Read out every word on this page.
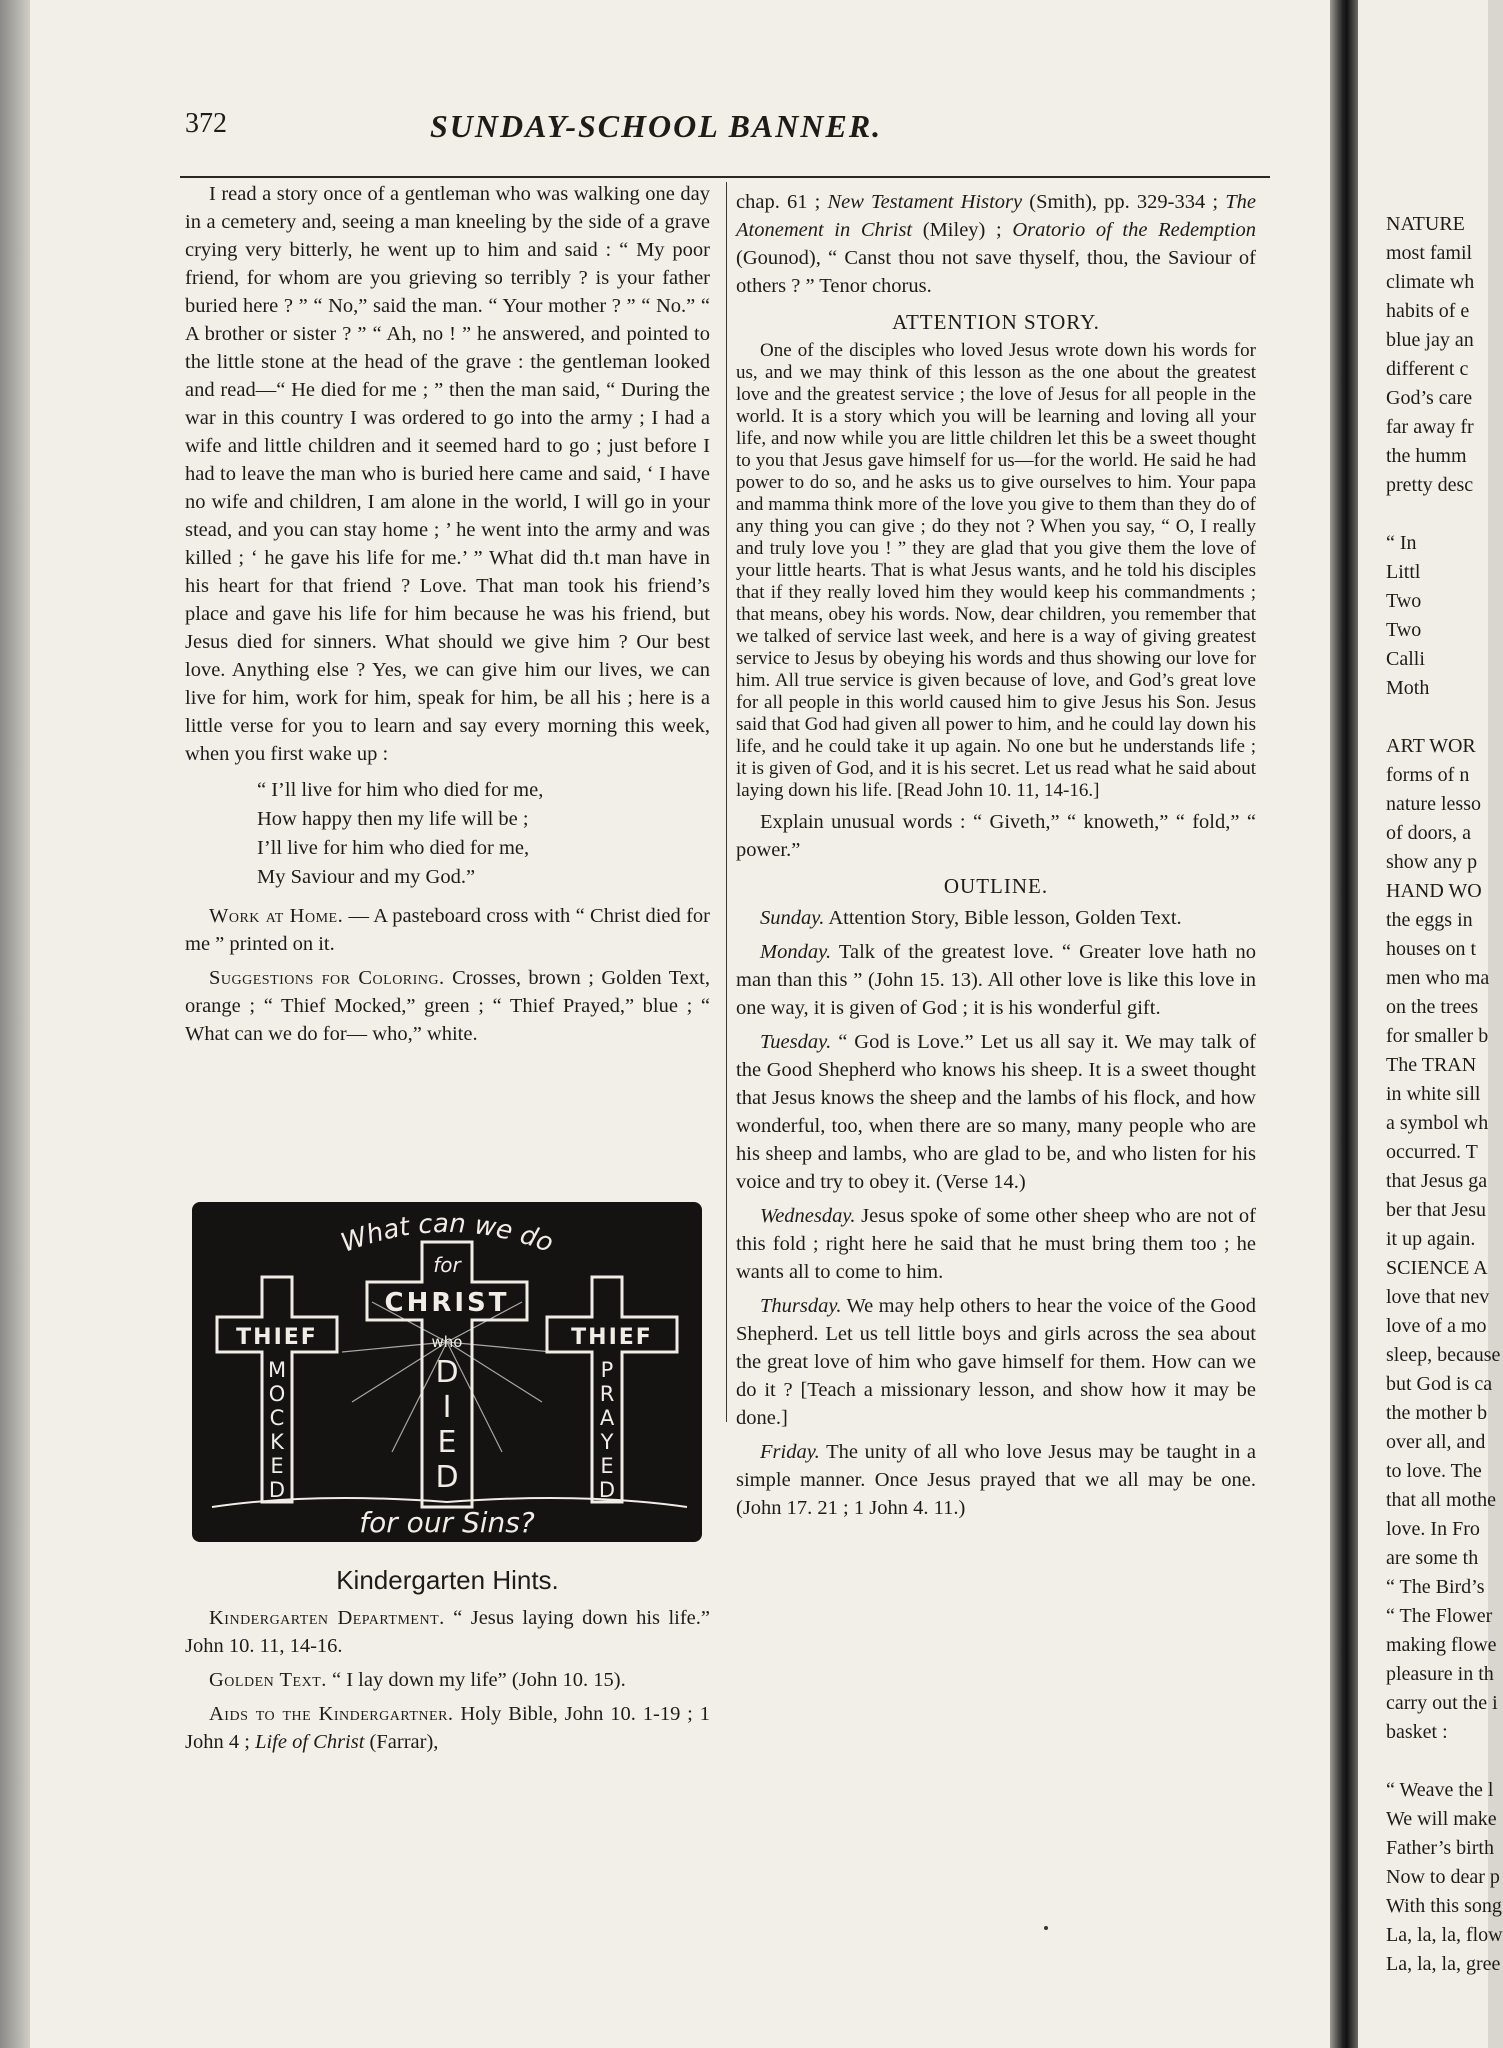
372	SUNDAY-SCHOOL BANNER.

I read a story once of a gentleman who was walking one day in a cemetery and, seeing a man kneeling by the side of a grave crying very bitterly, he went up to him and said : “ My poor friend, for whom are you grieving so terribly ? is your father buried here ? ” “ No,” said the man. “ Your mother ? ” “ No.” “ A brother or sister ? ” “ Ah, no ! ” he answered, and pointed to the little stone at the head of the grave : the gentleman looked and read—“ He died for me ; ” then the man said, “ During the war in this country I was ordered to go into the army ; I had a wife and little children and it seemed hard to go ; just before I had to leave the man who is buried here came and said, ‘ I have no wife and children, I am alone in the world, I will go in your stead, and you can stay home ; ’ he went into the army and was killed ; ‘ he gave his life for me.’ ” What did th.t man have in his heart for that friend ? Love. That man took his friend’s place and gave his life for him because he was his friend, but Jesus died for sinners. What should we give him ? Our best love. Anything else ? Yes, we can give him our lives, we can live for him, work for him, speak for him, be all his ; here is a little verse for you to learn and say every morning this week, when you first wake up :

“ I’ll live for him who died for me,
How happy then my life will be ;
I’ll live for him who died for me,
My Saviour and my God.”

Work at Home. — A pasteboard cross with “ Christ died for me ” printed on it.

Suggestions for Coloring. Crosses, brown ; Golden Text, orange ; “ Thief Mocked,” green ; “ Thief Prayed,” blue ; “ What can we do for— who,” white.

What can we do
for
CHRIST
who
THIEF	THIEF
M
O
C
K
E
D
D
I
E
D
P
R
A
Y
E
D
for our Sins?
Kindergarten Hints.

Kindergarten Department. “ Jesus laying down his life.” John 10. 11, 14-16.

Golden Text. “ I lay down my life” (John 10. 15).

Aids to the Kindergartner. Holy Bible, John 10. 1-19 ; 1 John 4 ; Life of Christ (Farrar),

chap. 61 ; New Testament History (Smith), pp. 329-334 ; The Atonement in Christ (Miley) ; Oratorio of the Redemption (Gounod), “ Canst thou not save thyself, thou, the Saviour of others ? ” Tenor chorus.

ATTENTION STORY.

One of the disciples who loved Jesus wrote down his words for us, and we may think of this lesson as the one about the greatest love and the greatest service ; the love of Jesus for all people in the world. It is a story which you will be learning and loving all your life, and now while you are little children let this be a sweet thought to you that Jesus gave himself for us—for the world. He said he had power to do so, and he asks us to give ourselves to him. Your papa and mamma think more of the love you give to them than they do of any thing you can give ; do they not ? When you say, “ O, I really and truly love you ! ” they are glad that you give them the love of your little hearts. That is what Jesus wants, and he told his disciples that if they really loved him they would keep his commandments ; that means, obey his words. Now, dear children, you remember that we talked of service last week, and here is a way of giving greatest service to Jesus by obeying his words and thus showing our love for him. All true service is given because of love, and God’s great love for all people in this world caused him to give Jesus his Son. Jesus said that God had given all power to him, and he could lay down his life, and he could take it up again. No one but he understands life ; it is given of God, and it is his secret. Let us read what he said about laying down his life. [Read John 10. 11, 14-16.]

Explain unusual words : “ Giveth,” “ knoweth,” “ fold,” “ power.”

OUTLINE.

Sunday. Attention Story, Bible lesson, Golden Text.

Monday. Talk of the greatest love. “ Greater love hath no man than this ” (John 15. 13). All other love is like this love in one way, it is given of God ; it is his wonderful gift.

Tuesday. “ God is Love.” Let us all say it. We may talk of the Good Shepherd who knows his sheep. It is a sweet thought that Jesus knows the sheep and the lambs of his flock, and how wonderful, too, when there are so many, many people who are his sheep and lambs, who are glad to be, and who listen for his voice and try to obey it. (Verse 14.)

Wednesday. Jesus spoke of some other sheep who are not of this fold ; right here he said that he must bring them too ; he wants all to come to him.

Thursday. We may help others to hear the voice of the Good Shepherd. Let us tell little boys and girls across the sea about the great love of him who gave himself for them. How can we do it ? [Teach a missionary lesson, and show how it may be done.]

Friday. The unity of all who love Jesus may be taught in a simple manner. Once Jesus prayed that we all may be one. (John 17. 21 ; 1 John 4. 11.)

NATURE
most famil
climate wh
habits of e
blue jay an
different c
God’s care
far away fr
the humm
pretty desc
“ In
Littl
Two
Two
Calli
Moth
ART WOR
forms of n
nature lesso
of doors, a
show any p
HAND WO
the eggs in
houses on t
men who ma
on the trees
for smaller b
The TRAN
in white sill
a symbol wh
occurred. T
that Jesus ga
ber that Jesu
it up again.
SCIENCE A
love that nev
love of a mo
sleep, because
but God is ca
the mother b
over all, and
to love. The
that all mothe
love. In Fro
are some th
“ The Bird’s
“ The Flower
making flowe
pleasure in th
carry out the i
basket :
“ Weave the l
We will make
Father’s birth
Now to dear p
With this song
La, la, la, flow
La, la, la, gree
